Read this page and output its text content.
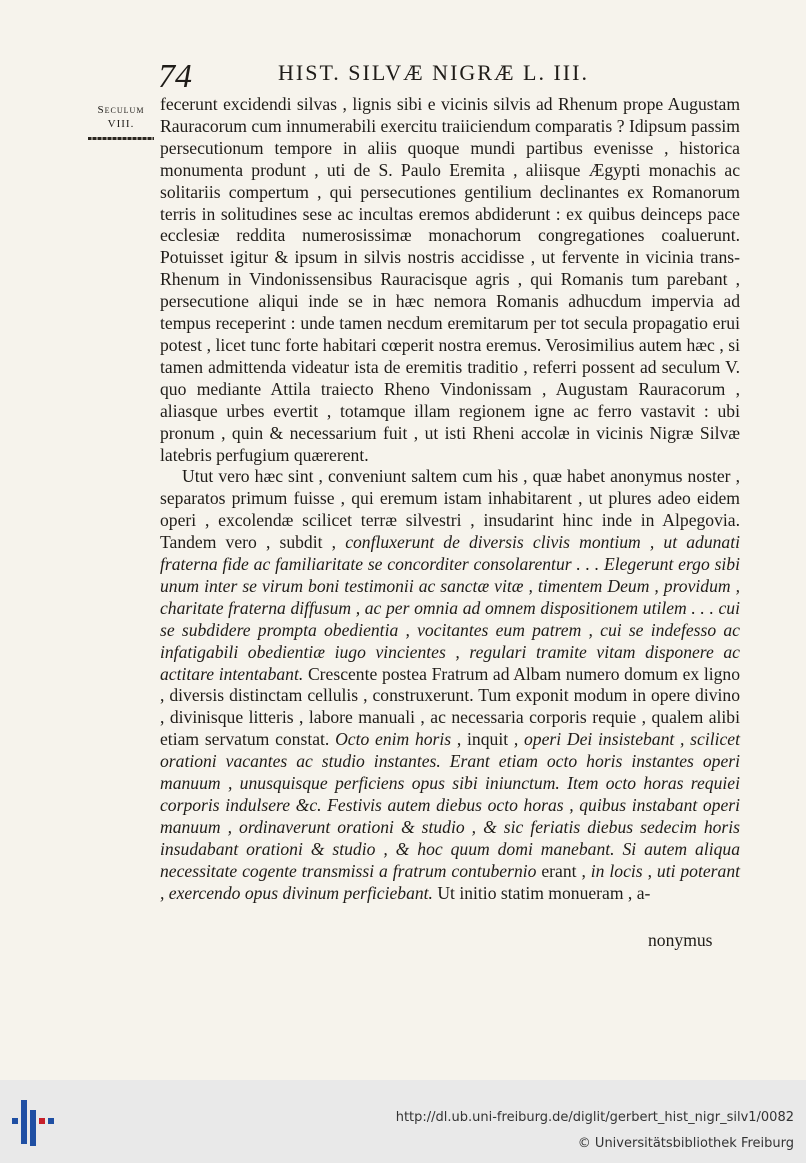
74	HIST. SILVÆ NIGRÆ L. III.
Seculum
VIII.

fecerunt excidendi silvas , lignis sibi e vicinis silvis ad Rhenum prope Augustam Rauracorum cum innumerabili exercitu traiiciendum comparatis ? Idipsum passim persecutionum tempore in aliis quoque mundi partibus evenisse , historica monumenta produnt , uti de S. Paulo Eremita , aliisque Ægypti monachis ac solitariis compertum , qui persecutiones gentilium declinantes ex Romanorum terris in solitudines sese ac incultas eremos abdiderunt : ex quibus deinceps pace ecclesiæ reddita numerosissimæ monachorum congregationes coaluerunt. Potuisset igitur & ipsum in silvis nostris accidisse , ut fervente in vicinia trans-Rhenum in Vindonissensibus Rauracisque agris , qui Romanis tum parebant , persecutione aliqui inde se in hæc nemora Romanis adhucdum impervia ad tempus receperint : unde tamen necdum eremitarum per tot secula propagatio erui potest , licet tunc forte habitari cœperit nostra eremus. Verosimilius autem hæc , si tamen admittenda videatur ista de eremitis traditio , referri possent ad seculum V. quo mediante Attila traiecto Rheno Vindonissam , Augustam Rauracorum , aliasque urbes evertit , totamque illam regionem igne ac ferro vastavit : ubi pronum , quin & necessarium fuit , ut isti Rheni accolæ in vicinis Nigræ Silvæ latebris perfugium quærerent.

Utut vero hæc sint , conveniunt saltem cum his , quæ habet anonymus noster , separatos primum fuisse , qui eremum istam inhabitarent , ut plures adeo eidem operi , excolendæ scilicet terræ silvestri , insudarint hinc inde in Alpegovia. Tandem vero , subdit , confluxerunt de diversis clivis montium , ut adunati fraterna fide ac familiaritate se concorditer consolarentur . . . Elegerunt ergo sibi unum inter se virum boni testimonii ac sanctæ vitæ , timentem Deum , providum , charitate fraterna diffusum , ac per omnia ad omnem dispositionem utilem . . . cui se subdidere prompta obedientia , vocitantes eum patrem , cui se indefesso ac infatigabili obedientiæ iugo vincientes , regulari tramite vitam disponere ac actitare intentabant. Crescente postea Fratrum ad Albam numero domum ex ligno , diversis distinctam cellulis , construxerunt. Tum exponit modum in opere divino , divinisque litteris , labore manuali , ac necessaria corporis requie , qualem alibi etiam servatum constat. Octo enim horis , inquit , operi Dei insistebant , scilicet orationi vacantes ac studio instantes. Erant etiam octo horis instantes operi manuum , unusquisque perficiens opus sibi iniunctum. Item octo horas requiei corporis indulsere &c. Festivis autem diebus octo horas , quibus instabant operi manuum , ordinaverunt orationi & studio , & sic feriatis diebus sedecim horis insudabant orationi & studio , & hoc quum domi manebant. Si autem aliqua necessitate cogente transmissi a fratrum contubernio erant , in locis , uti poterant , exercendo opus divinum perficiebant. Ut initio statim monueram , a-

nonymus
http://dl.ub.uni-freiburg.de/diglit/gerbert_hist_nigr_silv1/0082
© Universitätsbibliothek Freiburg
